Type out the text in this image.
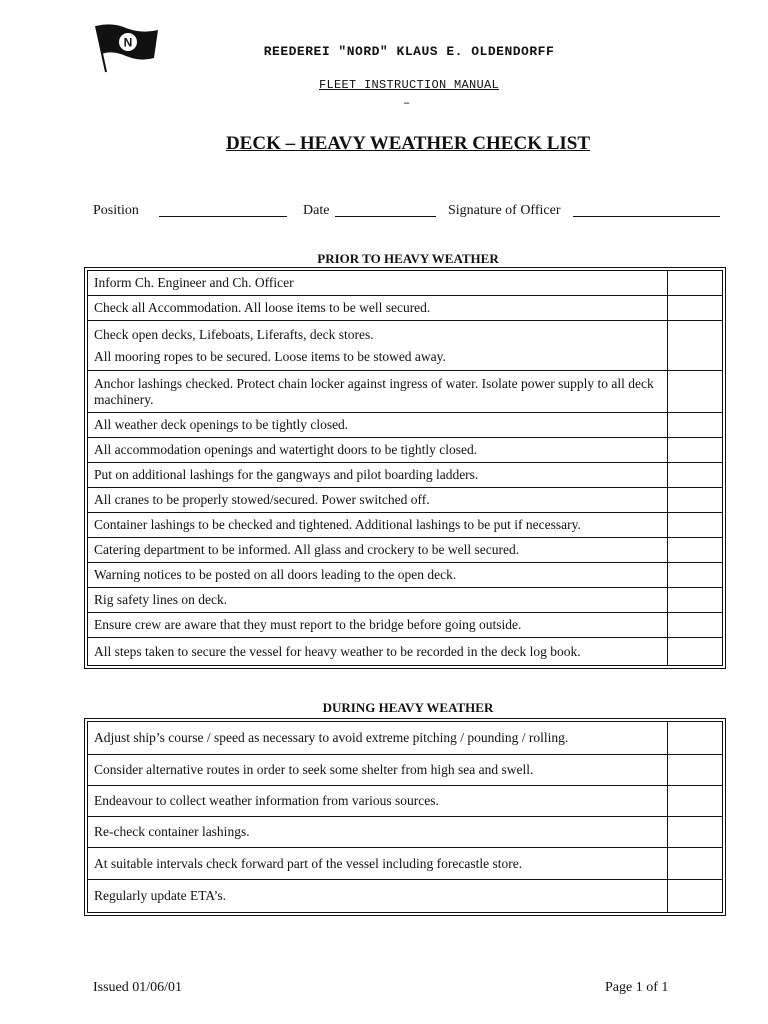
N
REEDEREI "NORD" KLAUS E. OLDENDORFF
FLEET INSTRUCTION MANUAL
–
DECK – HEAVY WEATHER CHECK LIST
Position	Date	Signature of Officer
PRIOR TO HEAVY WEATHER
Inform Ch. Engineer and Ch. Officer	
Check all Accommodation. All loose items to be well secured.	
Check open decks, Lifeboats, Liferafts, deck stores.
All mooring ropes to be secured. Loose items to be stowed away.	

Anchor lashings checked. Protect chain locker against ingress of water. Isolate power supply to all deck machinery.	
All weather deck openings to be tightly closed.	
All accommodation openings and watertight doors to be tightly closed.	
Put on additional lashings for the gangways and pilot boarding ladders.	
All cranes to be properly stowed/secured. Power switched off.	
Container lashings to be checked and tightened. Additional lashings to be put if necessary.	
Catering department to be informed. All glass and crockery to be well secured.	
Warning notices to be posted on all doors leading to the open deck.	
Rig safety lines on deck.	
Ensure crew are aware that they must report to the bridge before going outside.	
All steps taken to secure the vessel for heavy weather to be recorded in the deck log book.	
DURING HEAVY WEATHER
Adjust ship’s course / speed as necessary to avoid extreme pitching / pounding / rolling.	
Consider alternative routes in order to seek some shelter from high sea and swell.	
Endeavour to collect weather information from various sources.	
Re-check container lashings.	
At suitable intervals check forward part of the vessel including forecastle store.	
Regularly update ETA’s.	
Issued 01/06/01	Page 1 of 1
